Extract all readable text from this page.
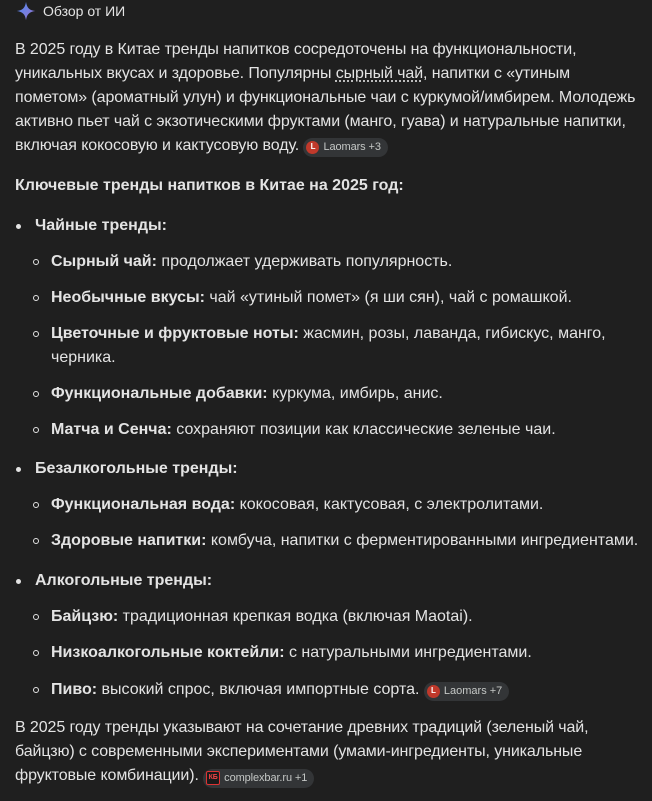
Обзор от ИИ
В 2025 году в Китае тренды напитков сосредоточены на функциональности, уникальных вкусах и здоровье. Популярны сырный чай, напитки с «утиным пометом» (ароматный улун) и функциональные чаи с куркумой/имбирем. Молодежь активно пьет чай с экзотическими фруктами (манго, гуава) и натуральные напитки, включая кокосовую и кактусовую воду.	L Laomars +3
Ключевые тренды напитков в Китае на 2025 год:
Чайные тренды:
Сырный чай: продолжает удерживать популярность.
Необычные вкусы: чай «утиный помет» (я ши сян), чай с ромашкой.
Цветочные и фруктовые ноты: жасмин, розы, лаванда, гибискус, манго, черника.
Функциональные добавки: куркума, имбирь, анис.
Матча и Сенча: сохраняют позиции как классические зеленые чаи.
Безалкогольные тренды:
Функциональная вода: кокосовая, кактусовая, с электролитами.
Здоровые напитки: комбуча, напитки с ферментированными ингредиентами.
Алкогольные тренды:
Байцзю: традиционная крепкая водка (включая Maotai).
Низкоалкогольные коктейли: с натуральными ингредиентами.
Пиво: высокий спрос, включая импортные сорта.	L Laomars +7
В 2025 году тренды указывают на сочетание древних традиций (зеленый чай, байцзю) с современными экспериментами (умами-ингредиенты, уникальные фруктовые комбинации).	КБ complexbar.ru +1
